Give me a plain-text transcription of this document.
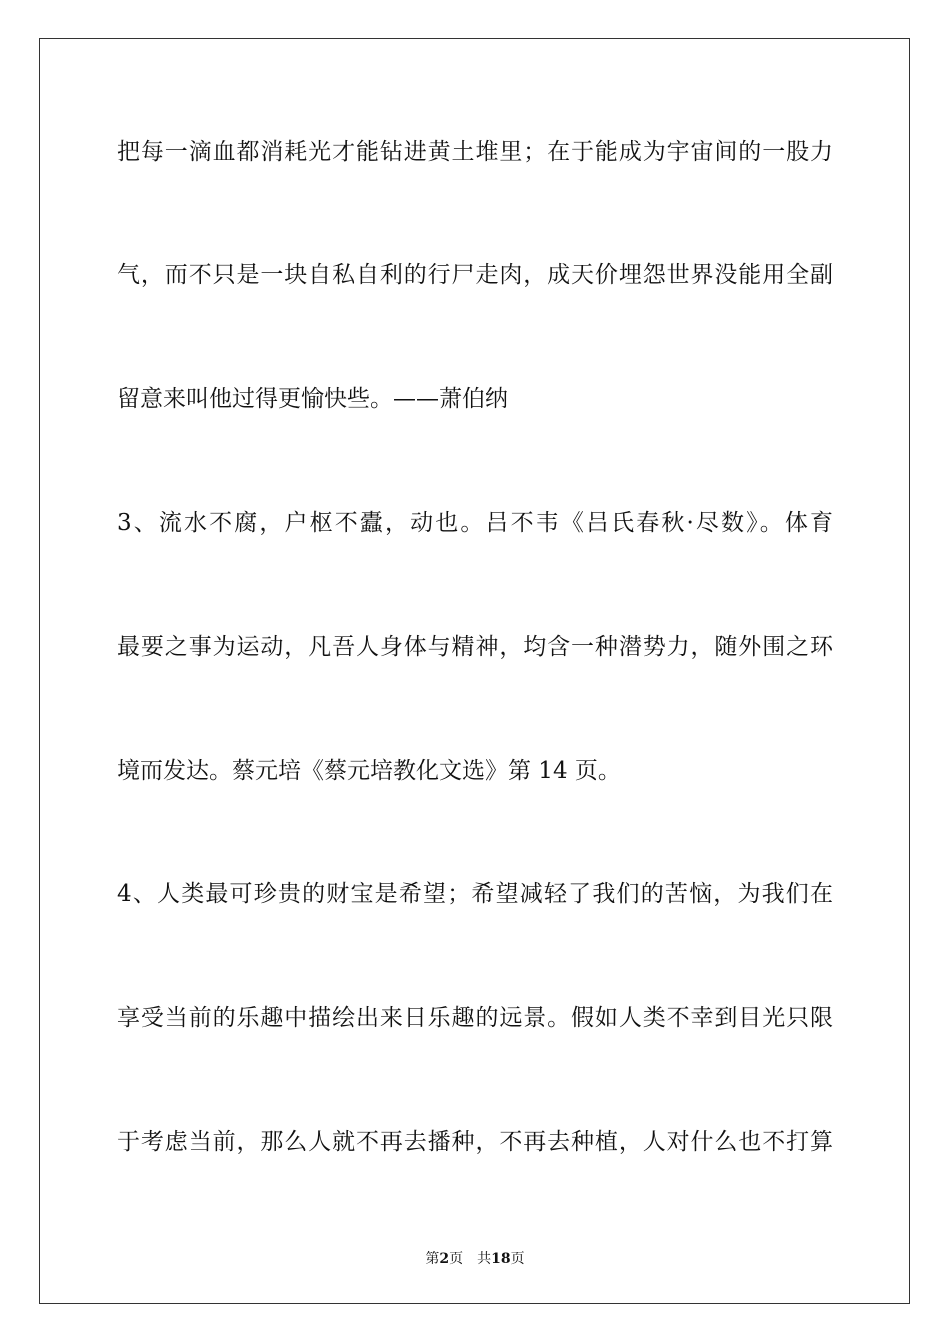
把每一滴血都消耗光才能钻进黄土堆里；在于能成为宇宙间的一股力
气，而不只是一块自私自利的行尸走肉，成天价埋怨世界没能用全副
留意来叫他过得更愉快些。——萧伯纳
3、流水不腐，户枢不蠹，动也。吕不韦《吕氏春秋·尽数》。体育
最要之事为运动，凡吾人身体与精神，均含一种潜势力，随外围之环
境而发达。蔡元培《蔡元培教化文选》第 14 页。
4、人类最可珍贵的财宝是希望；希望减轻了我们的苦恼，为我们在
享受当前的乐趣中描绘出来日乐趣的远景。假如人类不幸到目光只限
于考虑当前，那么人就不再去播种，不再去种植，人对什么也不打算
第2页 共18页
